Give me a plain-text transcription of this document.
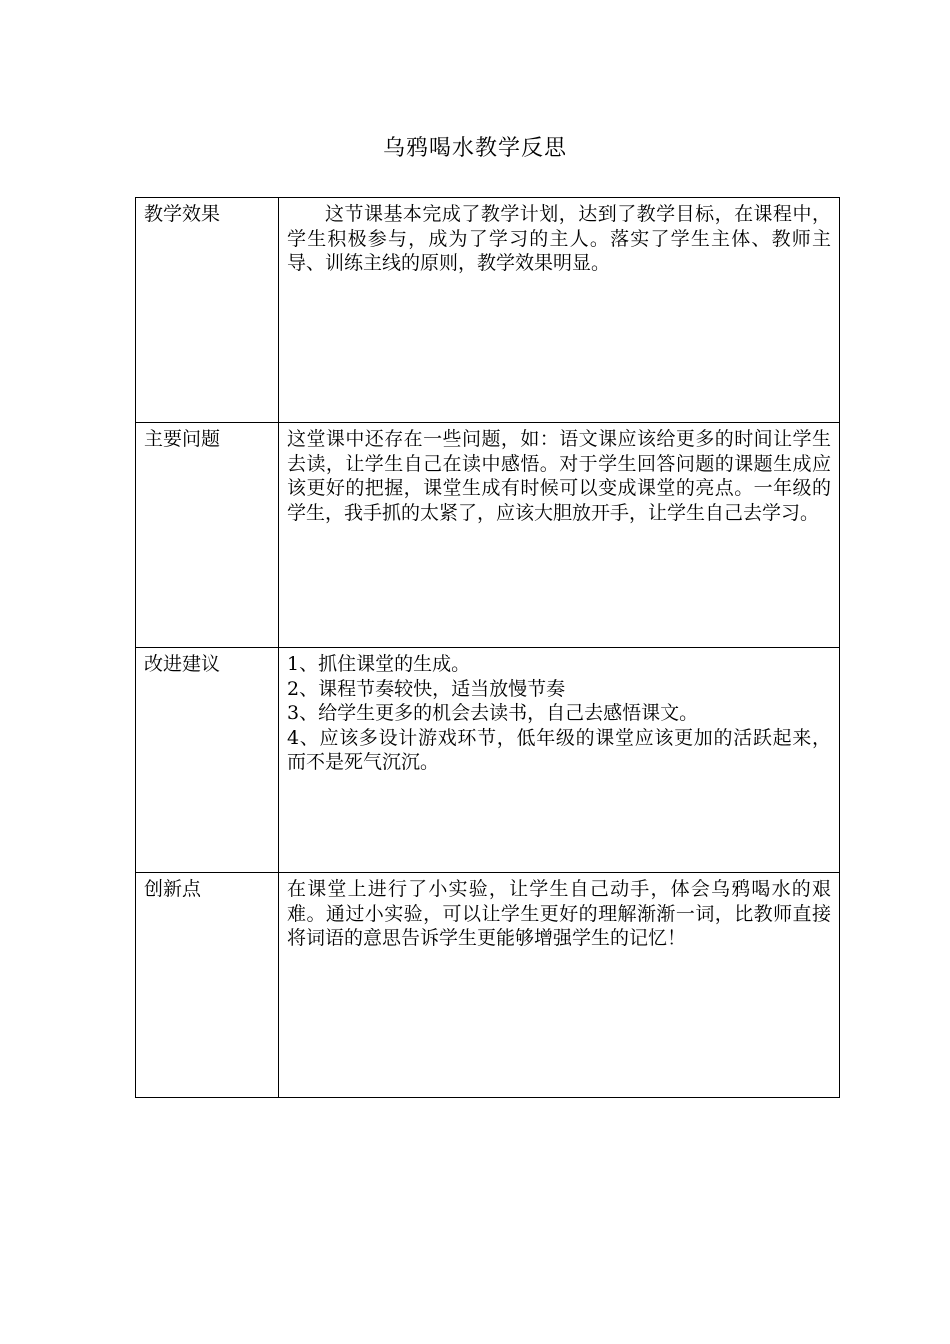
乌鸦喝水教学反思
教学效果	这节课基本完成了教学计划，达到了教学目标，在课程中，学生积极参与，成为了学习的主人。落实了学生主体、教师主导、训练主线的原则，教学效果明显。

主要问题	这堂课中还存在一些问题，如：语文课应该给更多的时间让学生去读，让学生自己在读中感悟。对于学生回答问题的课题生成应该更好的把握，课堂生成有时候可以变成课堂的亮点。一年级的学生，我手抓的太紧了，应该大胆放开手，让学生自己去学习。

改进建议	1、抓住课堂的生成。
2、课程节奏较快，适当放慢节奏
3、给学生更多的机会去读书，自己去感悟课文。
4、应该多设计游戏环节，低年级的课堂应该更加的活跃起来，而不是死气沉沉。

创新点	在课堂上进行了小实验，让学生自己动手，体会乌鸦喝水的艰难。通过小实验，可以让学生更好的理解渐渐一词，比教师直接将词语的意思告诉学生更能够增强学生的记忆！
